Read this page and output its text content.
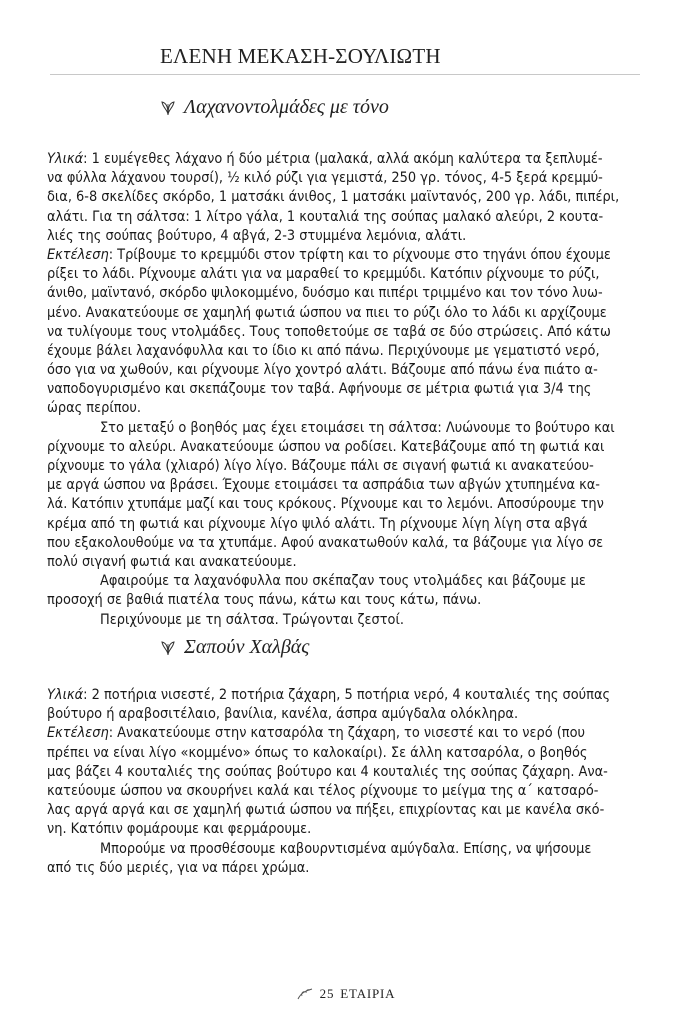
ΕΛΕΝΗ ΜΕΚΑΣΗ-ΣΟΥΛΙΩΤΗ
Λαχανοντολμάδες με τόνο
Υλικά: 1 ευμέγεθες λάχανο ή δύο μέτρια (μαλακά, αλλά ακόμη καλύτερα τα ξεπλυμέ-
να φύλλα λάχανου τουρσί), ½ κιλό ρύζι για γεμιστά, 250 γρ. τόνος, 4-5 ξερά κρεμμύ-
δια, 6-8 σκελίδες σκόρδο, 1 ματσάκι άνιθος, 1 ματσάκι μαϊντανός, 200 γρ. λάδι, πιπέρι,
αλάτι. Για τη σάλτσα: 1 λίτρο γάλα, 1 κουταλιά της σούπας μαλακό αλεύρι, 2 κουτα-
λιές της σούπας βούτυρο, 4 αβγά, 2-3 στυμμένα λεμόνια, αλάτι.
Εκτέλεση: Τρίβουμε το κρεμμύδι στον τρίφτη και το ρίχνουμε στο τηγάνι όπου έχουμε
ρίξει το λάδι. Ρίχνουμε αλάτι για να μαραθεί το κρεμμύδι. Κατόπιν ρίχνουμε το ρύζι,
άνιθο, μαϊντανό, σκόρδο ψιλοκομμένο, δυόσμο και πιπέρι τριμμένο και τον τόνο λυω-
μένο. Ανακατεύουμε σε χαμηλή φωτιά ώσπου να πιει το ρύζι όλο το λάδι κι αρχίζουμε
να τυλίγουμε τους ντολμάδες. Τους τοποθετούμε σε ταβά σε δύο στρώσεις. Από κάτω
έχουμε βάλει λαχανόφυλλα και το ίδιο κι από πάνω. Περιχύνουμε με γεματιστό νερό,
όσο για να χωθούν, και ρίχνουμε λίγο χοντρό αλάτι. Βάζουμε από πάνω ένα πιάτο α-
ναποδογυρισμένο και σκεπάζουμε τον ταβά. Αφήνουμε σε μέτρια φωτιά για 3/4 της
ώρας περίπου.
Στο μεταξύ ο βοηθός μας έχει ετοιμάσει τη σάλτσα: Λυώνουμε το βούτυρο και
ρίχνουμε το αλεύρι. Ανακατεύουμε ώσπου να ροδίσει. Κατεβάζουμε από τη φωτιά και
ρίχνουμε το γάλα (χλιαρό) λίγο λίγο. Βάζουμε πάλι σε σιγανή φωτιά κι ανακατεύου-
με αργά ώσπου να βράσει. Έχουμε ετοιμάσει τα ασπράδια των αβγών χτυπημένα κα-
λά. Κατόπιν χτυπάμε μαζί και τους κρόκους. Ρίχνουμε και το λεμόνι. Αποσύρουμε την
κρέμα από τη φωτιά και ρίχνουμε λίγο ψιλό αλάτι. Τη ρίχνουμε λίγη λίγη στα αβγά
που εξακολουθούμε να τα χτυπάμε. Αφού ανακατωθούν καλά, τα βάζουμε για λίγο σε
πολύ σιγανή φωτιά και ανακατεύουμε.
Αφαιρούμε τα λαχανόφυλλα που σκέπαζαν τους ντολμάδες και βάζουμε με
προσοχή σε βαθιά πιατέλα τους πάνω, κάτω και τους κάτω, πάνω.
Περιχύνουμε με τη σάλτσα. Τρώγονται ζεστοί.
Σαπούν Χαλβάς
Υλικά: 2 ποτήρια νισεστέ, 2 ποτήρια ζάχαρη, 5 ποτήρια νερό, 4 κουταλιές της σούπας
βούτυρο ή αραβοσιτέλαιο, βανίλια, κανέλα, άσπρα αμύγδαλα ολόκληρα.
Εκτέλεση: Ανακατεύουμε στην κατσαρόλα τη ζάχαρη, το νισεστέ και το νερό (που
πρέπει να είναι λίγο «κομμένο» όπως το καλοκαίρι). Σε άλλη κατσαρόλα, ο βοηθός
μας βάζει 4 κουταλιές της σούπας βούτυρο και 4 κουταλιές της σούπας ζάχαρη. Ανα-
κατεύουμε ώσπου να σκουρήνει καλά και τέλος ρίχνουμε το μείγμα της α΄ κατσαρό-
λας αργά αργά και σε χαμηλή φωτιά ώσπου να πήξει, επιχρίοντας και με κανέλα σκό-
νη. Κατόπιν φομάρουμε και φερμάρουμε.
Μπορούμε να προσθέσουμε καβουρντισμένα αμύγδαλα. Επίσης, να ψήσουμε
από τις δύο μεριές, για να πάρει χρώμα.
25 ΕΤΑΙΡΙΑ
